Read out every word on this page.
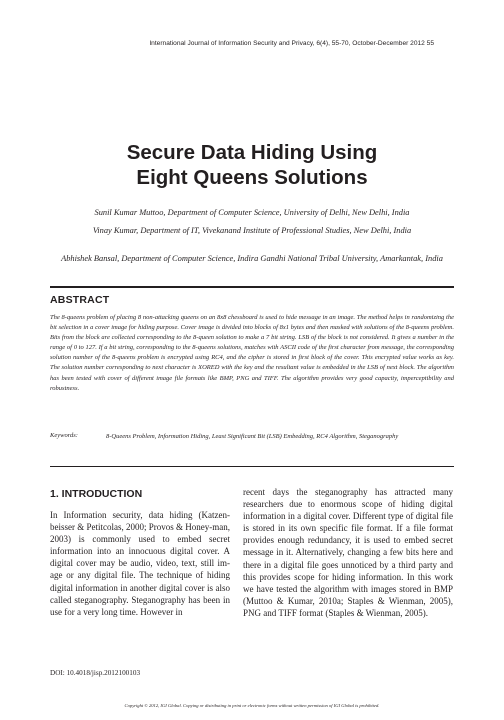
International Journal of Information Security and Privacy, 6(4), 55-70, October-December 2012 55
Secure Data Hiding Using
Eight Queens Solutions
Sunil Kumar Muttoo, Department of Computer Science, University of Delhi, New Delhi, India
Vinay Kumar, Department of IT, Vivekanand Institute of Professional Studies, New Delhi, India
Abhishek Bansal, Department of Computer Science, Indira Gandhi National Tribal University, Amarkantak, India
ABSTRACT

The 8-queens problem of placing 8 non-attacking queens on an 8x8 chessboard is used to hide message in an image. The method helps in randomizing the bit selection in a cover image for hiding purpose. Cover image is divided into blocks of 8x1 bytes and then masked with solutions of the 8-queens problem. Bits from the block are collected corresponding to the 8-queen solution to make a 7 bit string. LSB of the block is not considered. It gives a number in the range of 0 to 127. If a bit string, corresponding to the 8-queens solutions, matches with ASCII code of the first character from message, the corresponding solution number of the 8-queens problem is encrypted using RC4, and the cipher is stored in first block of the cover. This encrypted value works as key. The solution number corresponding to next character is XORED with the key and the resultant value is embedded in the LSB of next block. The algorithm has been tested with cover of different image file formats like BMP, PNG and TIFF. The algorithm provides very good capacity, imperceptibility and robustness.

Keywords:	8-Queens Problem, Information Hiding, Least Significant Bit (LSB) Embedding, RC4 Algorithm, Steganography
1. INTRODUCTION

In Information security, data hiding (Katzen-beisser & Petitcolas, 2000; Provos & Honey-man, 2003) is commonly used to embed secret information into an innocuous digital cover. A digital cover may be audio, video, text, still im-age or any digital file. The technique of hiding digital information in another digital cover is also called steganography. Steganography has been in use for a very long time. However in

recent days the steganography has attracted many researchers due to enormous scope of hiding digital information in a digital cover. Different type of digital file is stored in its own specific file format. If a file format provides enough redundancy, it is used to embed secret message in it. Alternatively, changing a few bits here and there in a digital file goes unnoticed by a third party and this provides scope for hiding information. In this work we have tested the algorithm with images stored in BMP (Muttoo & Kumar, 2010a; Staples & Wienman, 2005), PNG and TIFF format (Staples & Wienman, 2005).

DOI: 10.4018/jisp.2012100103
Copyright © 2012, IGI Global. Copying or distributing in print or electronic forms without written permission of IGI Global is prohibited.
